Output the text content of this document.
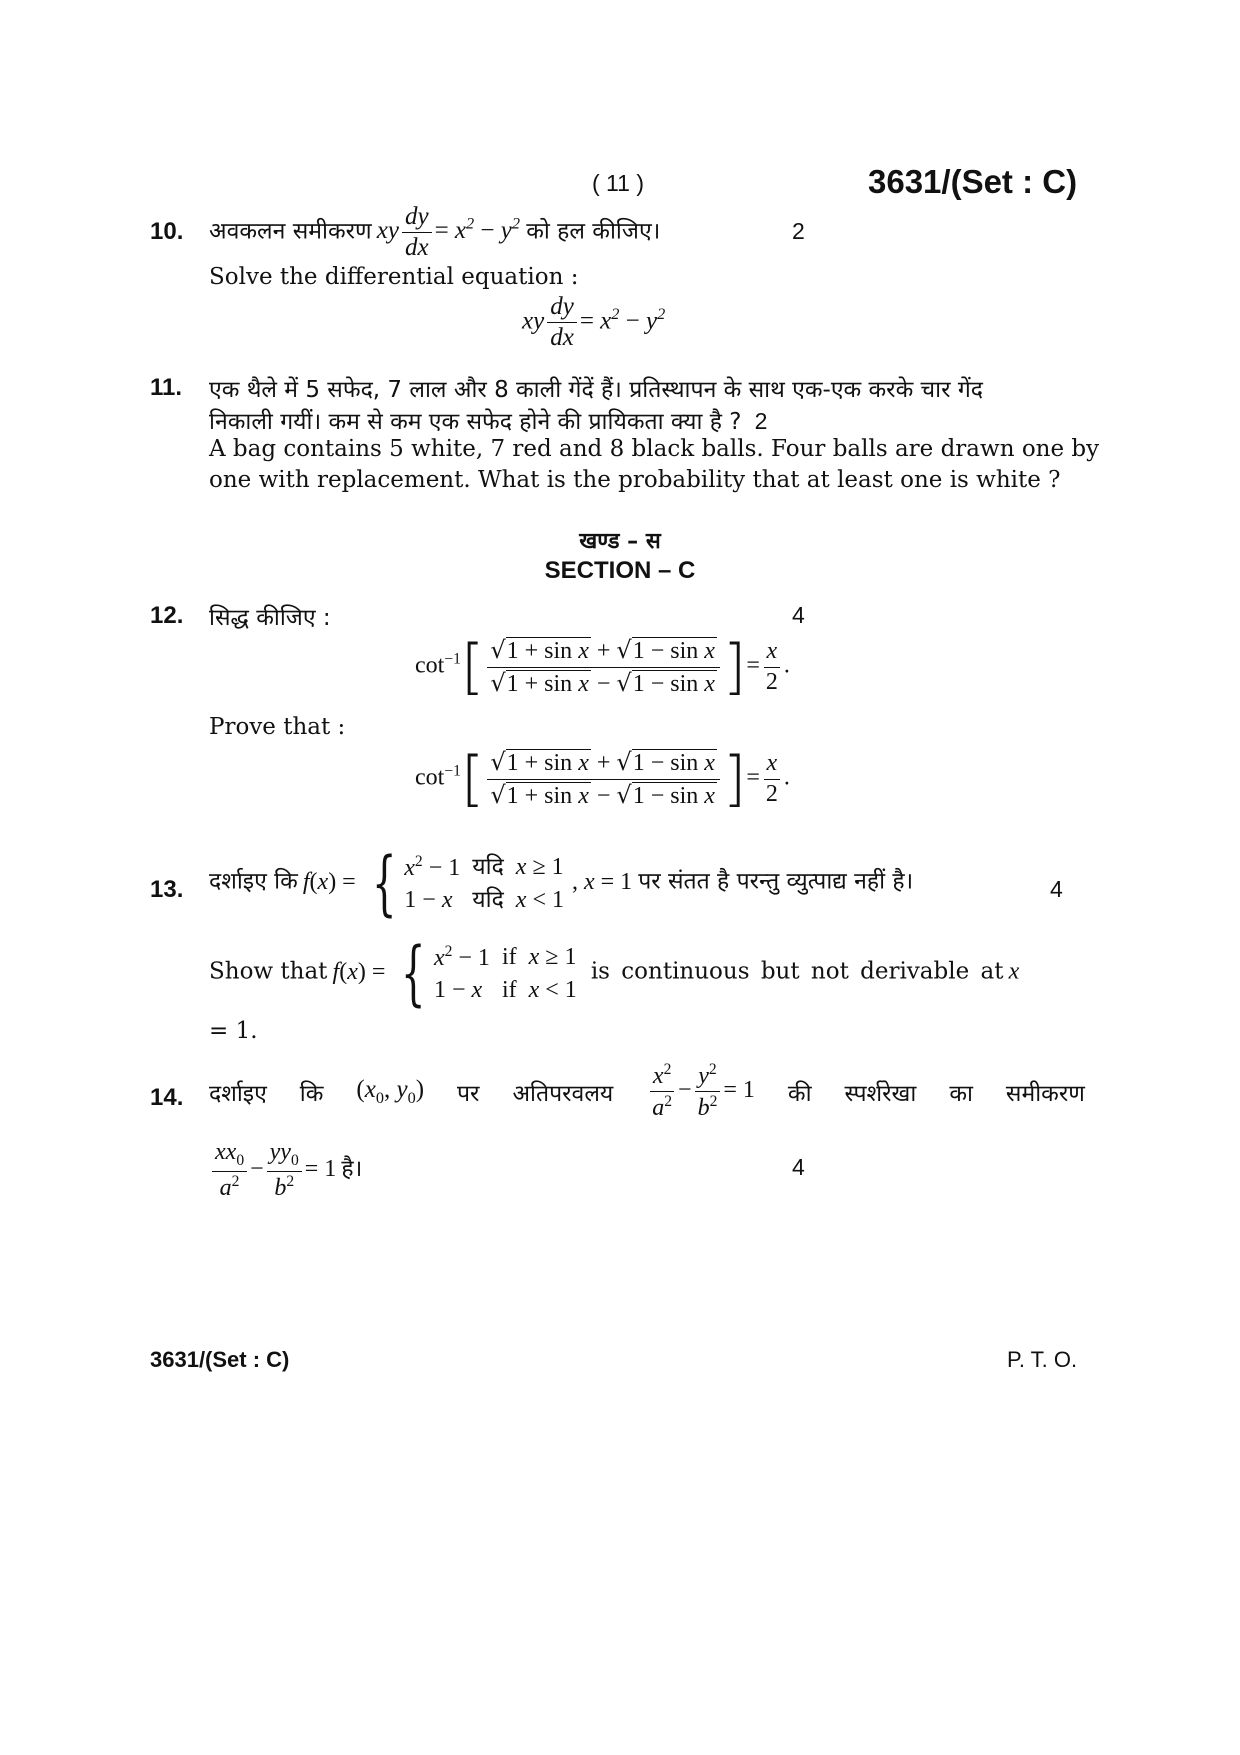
( 11 )	3631/(Set : C)
10. अवकलन समीकरण xy $\frac{dy}{dx} = x^2 - y^2$ को हल कीजिए।	2
Solve the differential equation :
xy $\frac{dy}{dx} = x^2 - y^2$
11. एक थैले में 5 सफेद, 7 लाल और 8 काली गेंदें हैं। प्रतिस्थापन के साथ एक-एक करके चार गेंद
निकाली गयीं। कम से कम एक सफेद होने की प्रायिकता क्या है ? 2
A bag contains 5 white, 7 red and 8 black balls. Four balls are drawn one by
one with replacement. What is the probability that at least one is white ?
खण्ड – स
SECTION – C
12. सिद्ध कीजिए :	4
$\cot^{-1}[ \frac{\text{√1 + sin x + √1 − sin x}}{\text{√1 + sin x − √1 − sin x}}$ ]= $\frac{x}{2}$ .
Prove that :
$\cot^{-1}[ \frac{\text{√1 + sin x + √1 − sin x}}{\text{√1 + sin x − √1 − sin x}}$ ]= $\frac{x}{2}$ .
13. दर्शाइए कि f(x) = { $x^2 - 1$	यदि	x ≥ 1
1 − x	यदि	x < 1
, x = 1 पर संतत है परन्तु व्युत्पाद्य नहीं है।	4
Show that f(x) = { $x^2 - 1$	if	x ≥ 1
1 − x	if	x < 1
is continuous but not derivable at x
= 1.
14. दर्शाइए कि ($x_0$, $y_0$) पर अतिपरवलय $\frac{x^2}{a^2} - \frac{y^2}{b^2} = 1$ की स्पर्शरेखा का समीकरण
$\frac{xx_0}{a^2} - \frac{yy_0}{b^2} = 1$ है।	4
3631/(Set : C)	P. T. O.
